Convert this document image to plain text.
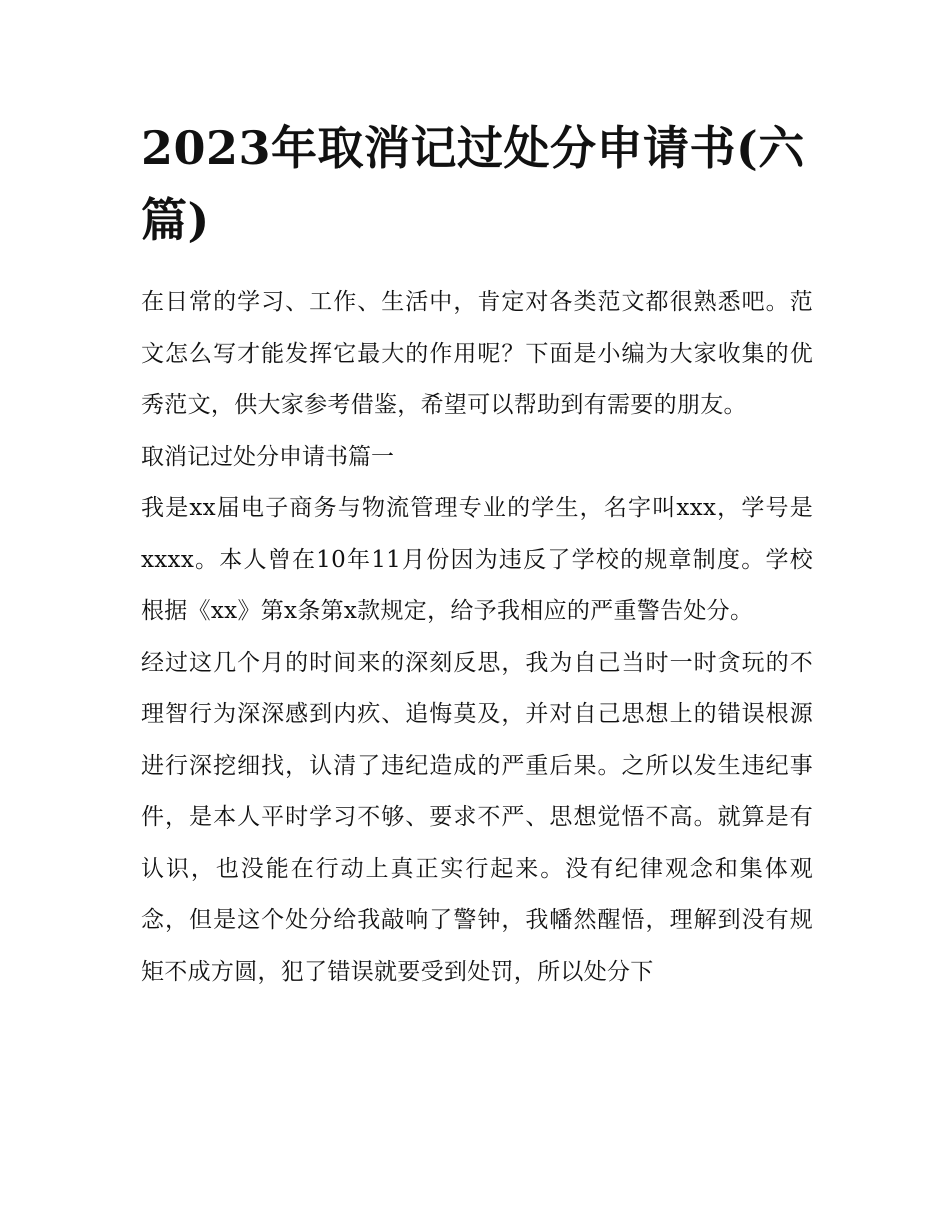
2023年取消记过处分申请书(六篇)

在日常的学习、工作、生活中，肯定对各类范文都很熟悉吧。范文怎么写才能发挥它最大的作用呢？下面是小编为大家收集的优秀范文，供大家参考借鉴，希望可以帮助到有需要的朋友。

取消记过处分申请书篇一

我是xx届电子商务与物流管理专业的学生，名字叫xxx，学号是xxxx。本人曾在10年11月份因为违反了学校的规章制度。学校根据《xx》第x条第x款规定，给予我相应的严重警告处分。

经过这几个月的时间来的深刻反思，我为自己当时一时贪玩的不理智行为深深感到内疚、追悔莫及，并对自己思想上的错误根源进行深挖细找，认清了违纪造成的严重后果。之所以发生违纪事件，是本人平时学习不够、要求不严、思想觉悟不高。就算是有认识，也没能在行动上真正实行起来。没有纪律观念和集体观念，但是这个处分给我敲响了警钟，我幡然醒悟，理解到没有规矩不成方圆，犯了错误就要受到处罚，所以处分下
